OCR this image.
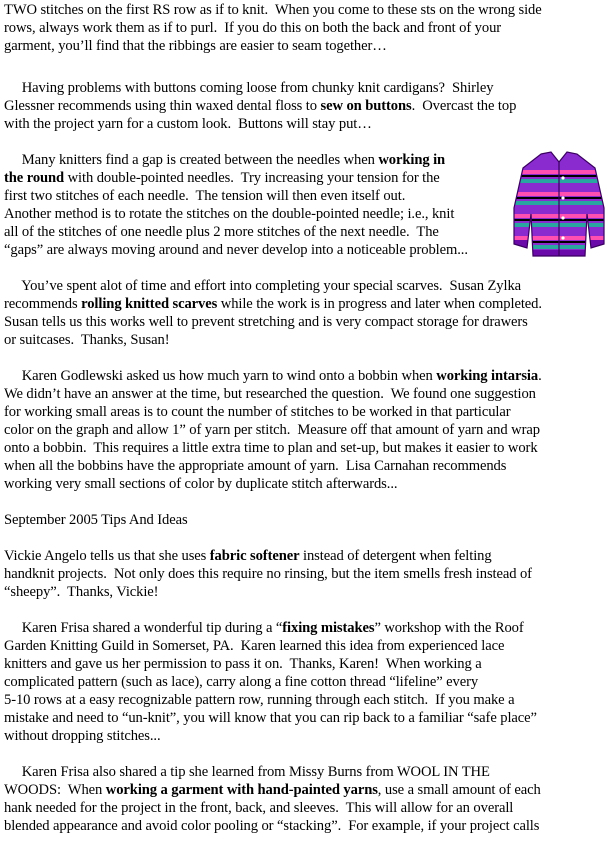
TWO stitches on the first RS row as if to knit.  When you come to these sts on the wrong side
rows, always work them as if to purl.  If you do this on both the back and front of your
garment, you’ll find that the ribbings are easier to seam together…
Having problems with buttons coming loose from chunky knit cardigans?  Shirley
Glessner recommends using thin waxed dental floss to sew on buttons.  Overcast the top
with the project yarn for a custom look.  Buttons will stay put…
Many knitters find a gap is created between the needles when working in
the round with double-pointed needles.  Try increasing your tension for the
first two stitches of each needle.  The tension will then even itself out.
Another method is to rotate the stitches on the double-pointed needle; i.e., knit
all of the stitches of one needle plus 2 more stitches of the next needle.  The
“gaps” are always moving around and never develop into a noticeable problem...
You’ve spent alot of time and effort into completing your special scarves.  Susan Zylka
recommends rolling knitted scarves while the work is in progress and later when completed.
Susan tells us this works well to prevent stretching and is very compact storage for drawers
or suitcases.  Thanks, Susan!
Karen Godlewski asked us how much yarn to wind onto a bobbin when working intarsia.
We didn’t have an answer at the time, but researched the question.  We found one suggestion
for working small areas is to count the number of stitches to be worked in that particular
color on the graph and allow 1” of yarn per stitch.  Measure off that amount of yarn and wrap
onto a bobbin.  This requires a little extra time to plan and set-up, but makes it easier to work
when all the bobbins have the appropriate amount of yarn.  Lisa Carnahan recommends
working very small sections of color by duplicate stitch afterwards...
September 2005 Tips And Ideas
Vickie Angelo tells us that she uses fabric softener instead of detergent when felting
handknit projects.  Not only does this require no rinsing, but the item smells fresh instead of
“sheepy”.  Thanks, Vickie!
Karen Frisa shared a wonderful tip during a “fixing mistakes” workshop with the Roof
Garden Knitting Guild in Somerset, PA.  Karen learned this idea from experienced lace
knitters and gave us her permission to pass it on.  Thanks, Karen!  When working a
complicated pattern (such as lace), carry along a fine cotton thread “lifeline” every
5-10 rows at a easy recognizable pattern row, running through each stitch.  If you make a
mistake and need to “un-knit”, you will know that you can rip back to a familiar “safe place”
without dropping stitches...
Karen Frisa also shared a tip she learned from Missy Burns from WOOL IN THE
WOODS:  When working a garment with hand-painted yarns, use a small amount of each
hank needed for the project in the front, back, and sleeves.  This will allow for an overall
blended appearance and avoid color pooling or “stacking”.  For example, if your project calls
